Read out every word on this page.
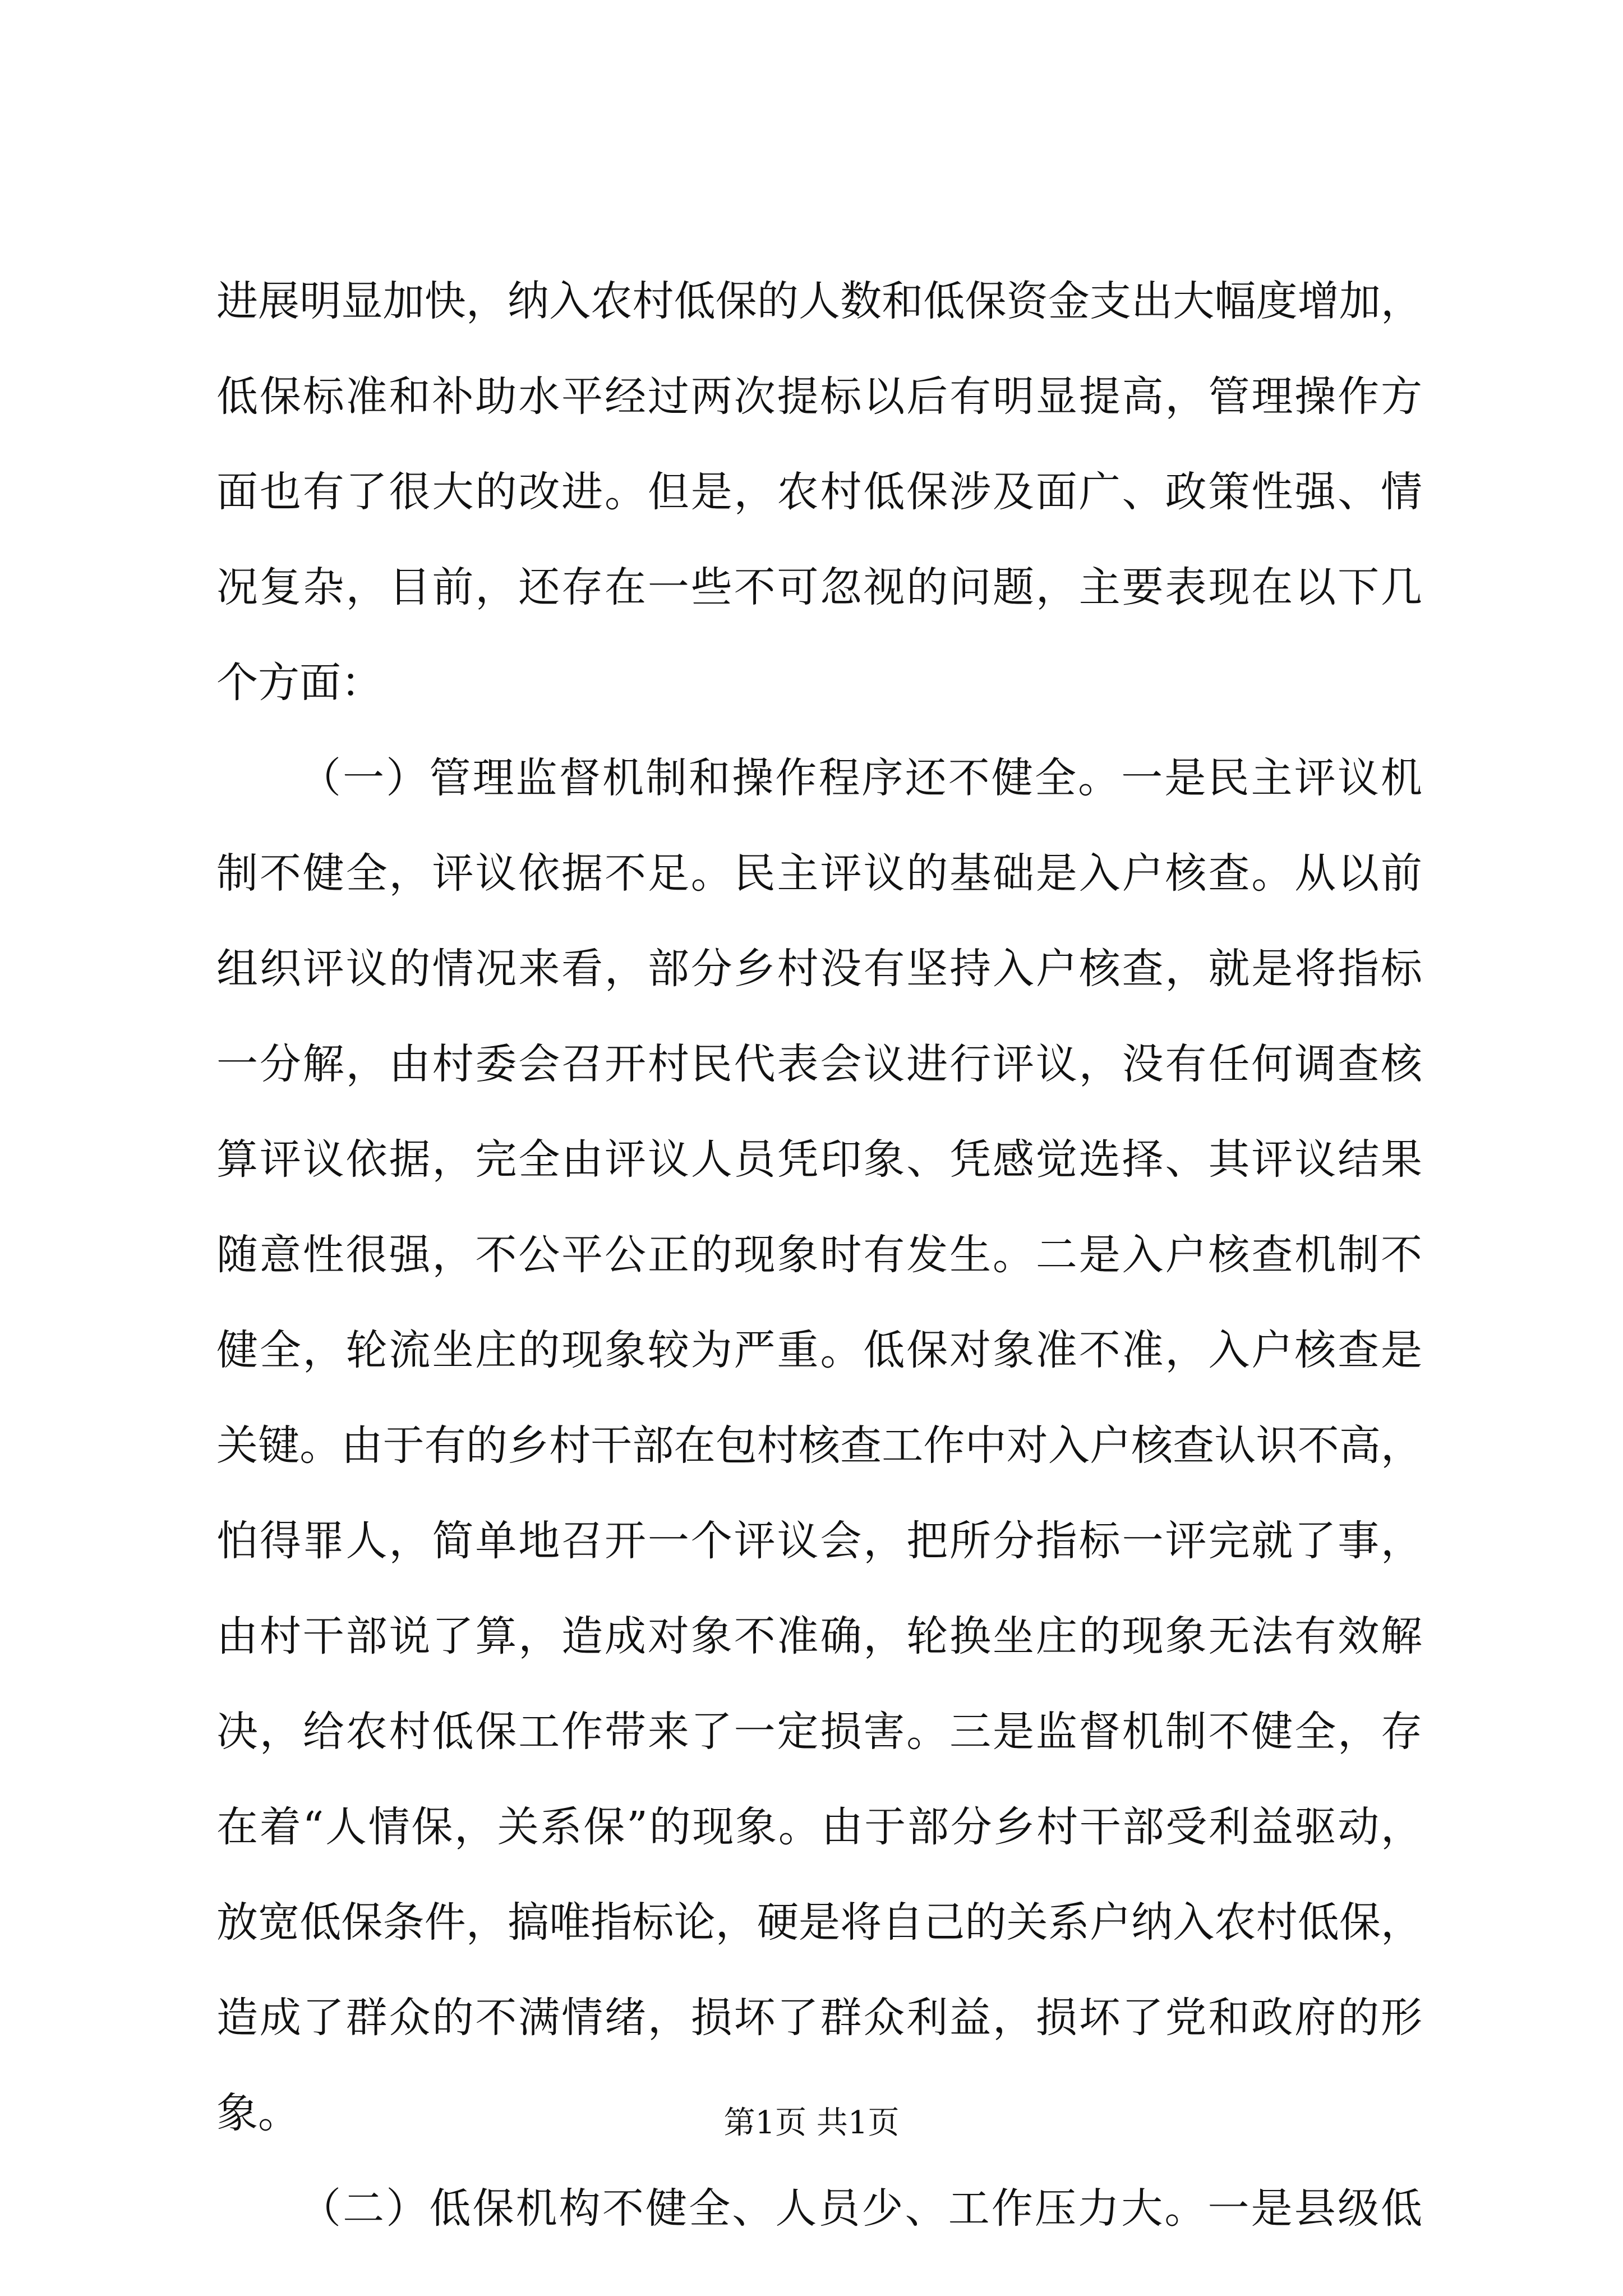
进展明显加快，纳入农村低保的人数和低保资金支出大幅度增加，
低保标准和补助水平经过两次提标以后有明显提高，管理操作方
面也有了很大的改进。但是，农村低保涉及面广、政策性强、情
况复杂，目前，还存在一些不可忽视的问题，主要表现在以下几
个方面：
（一）管理监督机制和操作程序还不健全。一是民主评议机
制不健全，评议依据不足。民主评议的基础是入户核查。从以前
组织评议的情况来看，部分乡村没有坚持入户核查，就是将指标
一分解，由村委会召开村民代表会议进行评议，没有任何调查核
算评议依据，完全由评议人员凭印象、凭感觉选择、其评议结果
随意性很强，不公平公正的现象时有发生。二是入户核查机制不
健全，轮流坐庄的现象较为严重。低保对象准不准，入户核查是
关键。由于有的乡村干部在包村核查工作中对入户核查认识不高，
怕得罪人，简单地召开一个评议会，把所分指标一评完就了事，
由村干部说了算，造成对象不准确，轮换坐庄的现象无法有效解
决，给农村低保工作带来了一定损害。三是监督机制不健全，存
在着“人情保，关系保”的现象。由于部分乡村干部受利益驱动，
放宽低保条件，搞唯指标论，硬是将自己的关系户纳入农村低保，
造成了群众的不满情绪，损坏了群众利益，损坏了党和政府的形
象。
（二）低保机构不健全、人员少、工作压力大。一是县级低
第1页 共1页
